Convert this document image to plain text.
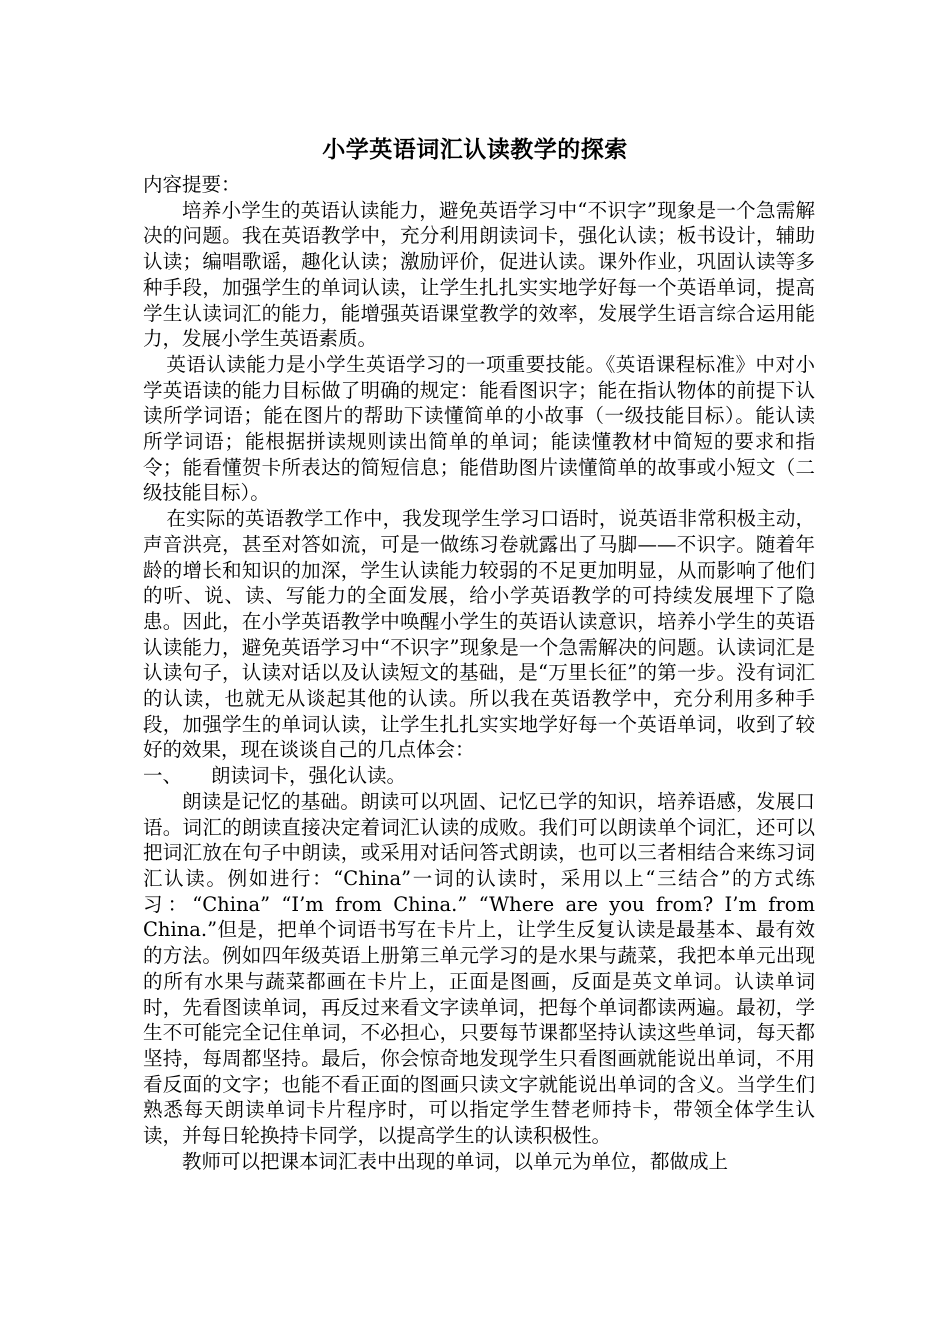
小学英语词汇认读教学的探索

内容提要：

培养小学生的英语认读能力，避免英语学习中“不识字”现象是一个急需解决的问题。我在英语教学中，充分利用朗读词卡，强化认读；板书设计，辅助认读；编唱歌谣，趣化认读；激励评价，促进认读。课外作业，巩固认读等多种手段，加强学生的单词认读，让学生扎扎实实地学好每一个英语单词，提高学生认读词汇的能力，能增强英语课堂教学的效率，发展学生语言综合运用能力，发展小学生英语素质。

英语认读能力是小学生英语学习的一项重要技能。《英语课程标准》中对小学英语读的能力目标做了明确的规定：能看图识字；能在指认物体的前提下认读所学词语；能在图片的帮助下读懂简单的小故事（一级技能目标）。能认读所学词语；能根据拼读规则读出简单的单词；能读懂教材中简短的要求和指令；能看懂贺卡所表达的简短信息；能借助图片读懂简单的故事或小短文（二级技能目标）。

在实际的英语教学工作中，我发现学生学习口语时，说英语非常积极主动，声音洪亮，甚至对答如流，可是一做练习卷就露出了马脚——不识字。随着年龄的增长和知识的加深，学生认读能力较弱的不足更加明显，从而影响了他们的听、说、读、写能力的全面发展，给小学英语教学的可持续发展埋下了隐患。因此，在小学英语教学中唤醒小学生的英语认读意识，培养小学生的英语认读能力，避免英语学习中“不识字”现象是一个急需解决的问题。认读词汇是认读句子，认读对话以及认读短文的基础，是“万里长征”的第一步。没有词汇的认读，也就无从谈起其他的认读。所以我在英语教学中，充分利用多种手段，加强学生的单词认读，让学生扎扎实实地学好每一个英语单词，收到了较好的效果，现在谈谈自己的几点体会：

一、 朗读词卡，强化认读。

朗读是记忆的基础。朗读可以巩固、记忆已学的知识，培养语感，发展口语。词汇的朗读直接决定着词汇认读的成败。我们可以朗读单个词汇，还可以把词汇放在句子中朗读，或采用对话问答式朗读，也可以三者相结合来练习词汇认读。例如进行：“China”一词的认读时，采用以上“三结合”的方式练习：“China” “I’m from China.” “Where are you from? I’m from China.”但是，把单个词语书写在卡片上，让学生反复认读是最基本、最有效的方法。例如四年级英语上册第三单元学习的是水果与蔬菜，我把本单元出现的所有水果与蔬菜都画在卡片上，正面是图画，反面是英文单词。认读单词时，先看图读单词，再反过来看文字读单词，把每个单词都读两遍。最初，学生不可能完全记住单词，不必担心，只要每节课都坚持认读这些单词，每天都坚持，每周都坚持。最后，你会惊奇地发现学生只看图画就能说出单词，不用看反面的文字；也能不看正面的图画只读文字就能说出单词的含义。当学生们熟悉每天朗读单词卡片程序时，可以指定学生替老师持卡，带领全体学生认读，并每日轮换持卡同学，以提高学生的认读积极性。

教师可以把课本词汇表中出现的单词，以单元为单位，都做成上
